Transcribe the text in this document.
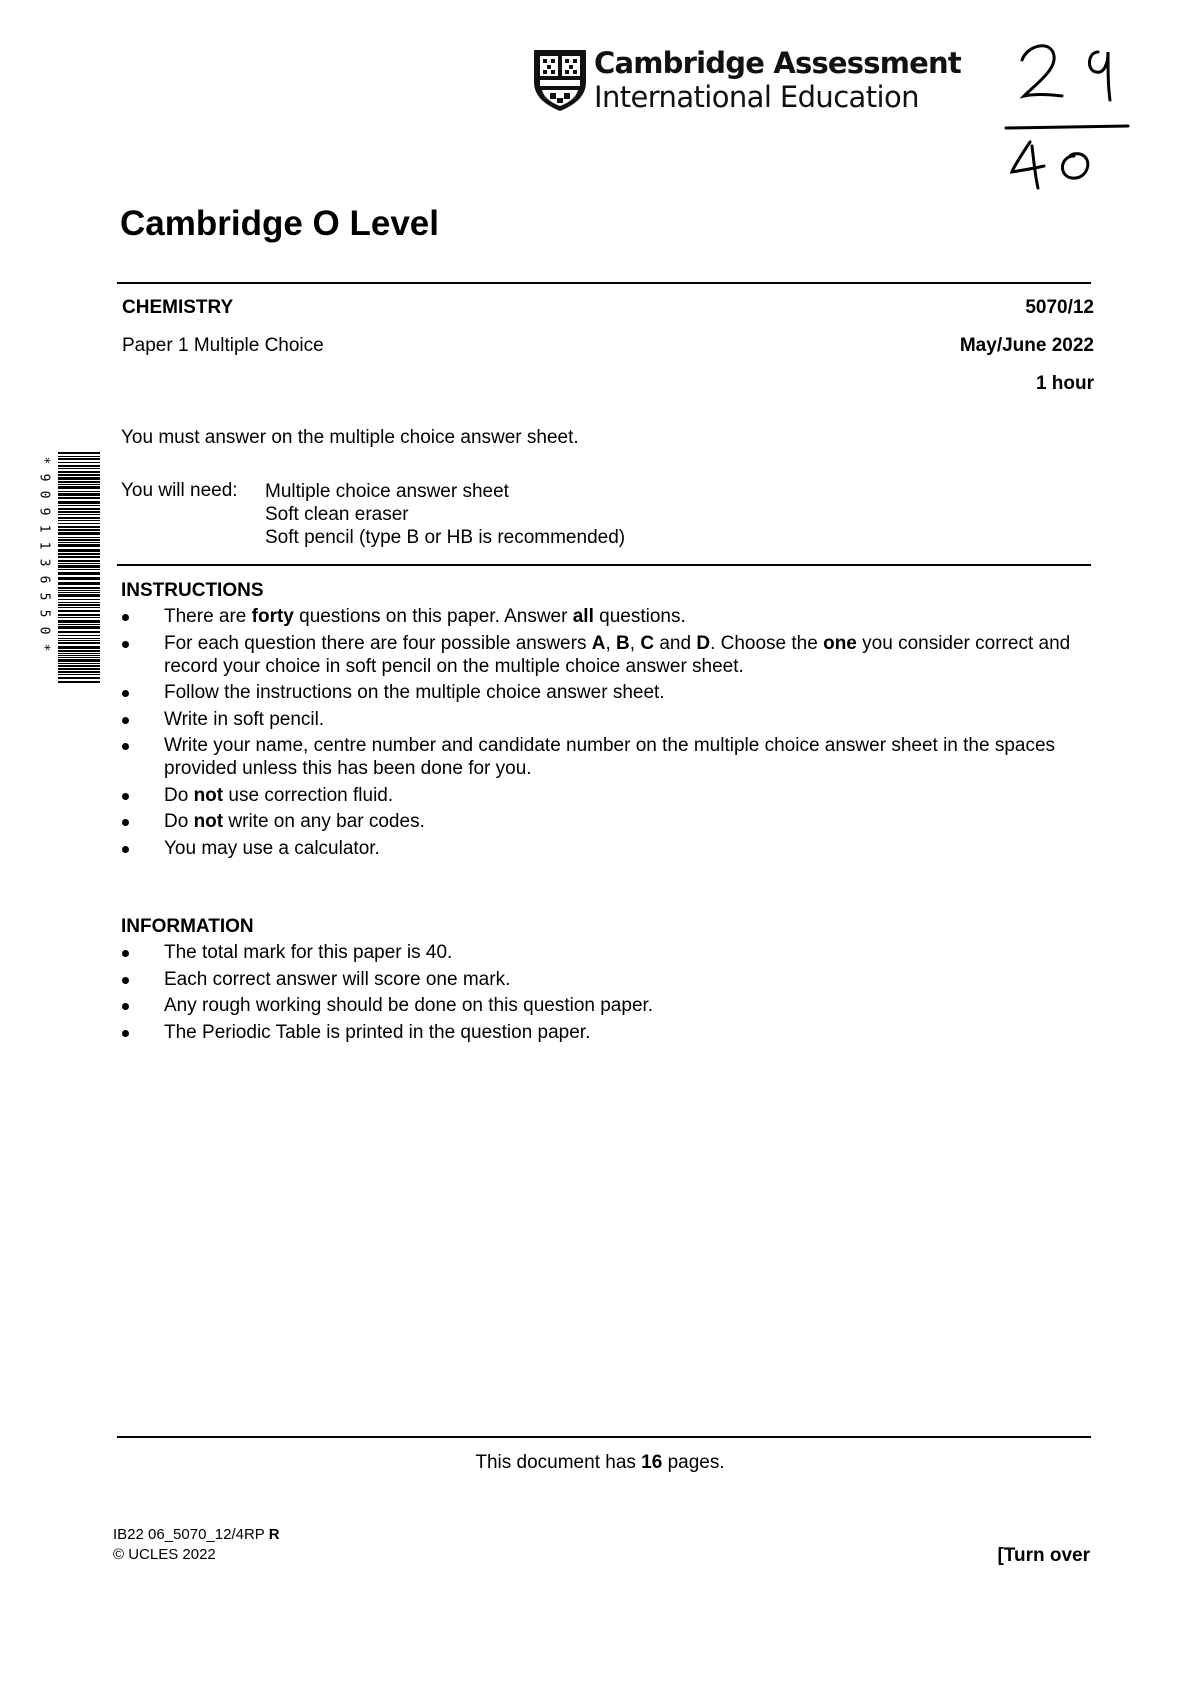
Cambridge Assessment
International Education
Cambridge O Level
CHEMISTRY	5070/12
Paper 1 Multiple Choice	May/June 2022
1 hour
You must answer on the multiple choice answer sheet.
You will need: Multiple choice answer sheet
Soft clean eraser
Soft pencil (type B or HB is recommended)
*
9
0
9
1
1
3
6
5
5
0
*
INSTRUCTIONS
There are forty questions on this paper. Answer all questions.
For each question there are four possible answers A, B, C and D. Choose the one you consider correct and record your choice in soft pencil on the multiple choice answer sheet.
Follow the instructions on the multiple choice answer sheet.
Write in soft pencil.
Write your name, centre number and candidate number on the multiple choice answer sheet in the spaces provided unless this has been done for you.
Do not use correction fluid.
Do not write on any bar codes.
You may use a calculator.
INFORMATION
The total mark for this paper is 40.
Each correct answer will score one mark.
Any rough working should be done on this question paper.
The Periodic Table is printed in the question paper.
This document has 16 pages.
IB22 06_5070_12/4RP R
© UCLES 2022	[Turn over
